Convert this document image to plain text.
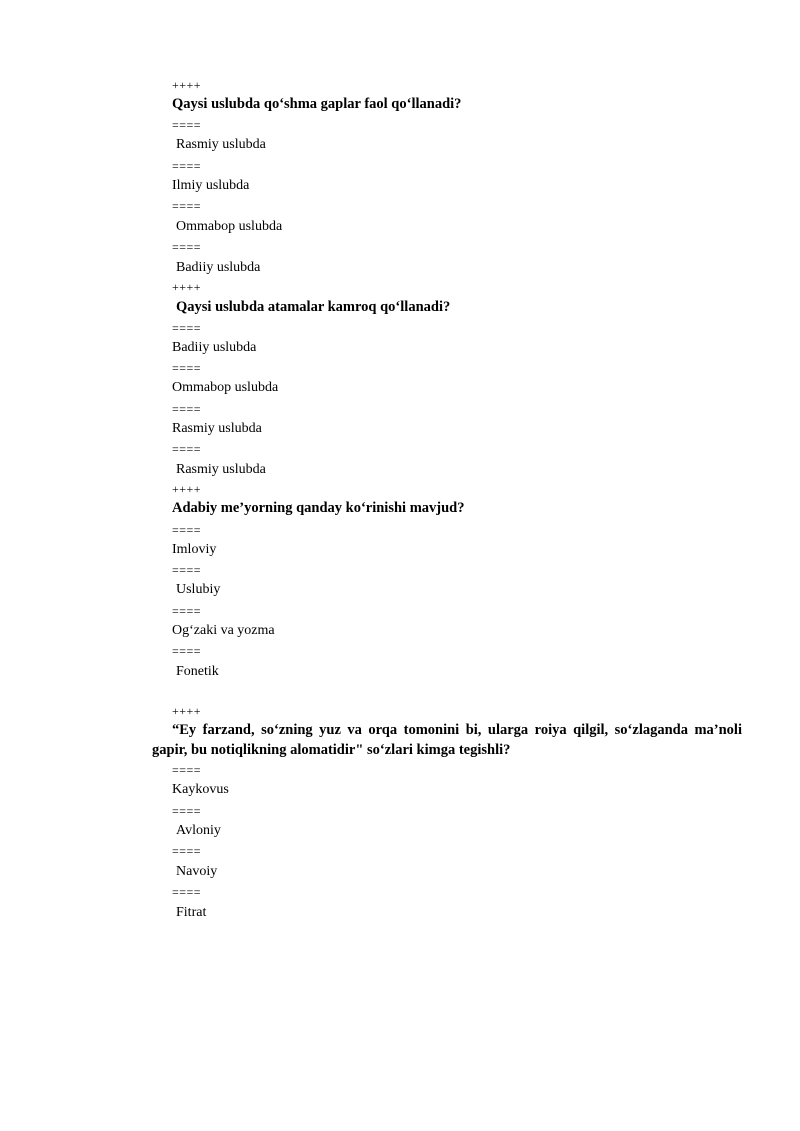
++++
Qaysi uslubda qo‘shma gaplar faol qo‘llanadi?
====
Rasmiy uslubda
====
Ilmiy uslubda
====
Ommabop uslubda
====
Badiiy uslubda
++++
Qaysi uslubda atamalar kamroq qo‘llanadi?
====
Badiiy uslubda
====
Ommabop uslubda
====
Rasmiy uslubda
====
Rasmiy uslubda
++++
Adabiy me’yorning qanday ko‘rinishi mavjud?
====
Imloviy
====
Uslubiy
====
Og‘zaki va yozma
====
Fonetik
++++
“Ey farzand, so‘zning yuz va orqa tomonini bi, ularga roiya qilgil, so‘zlaganda ma’noli gapir, bu notiqlikning alomatidir" so‘zlari kimga tegishli?
====
Kaykovus
====
Avloniy
====
Navoiy
====
Fitrat
